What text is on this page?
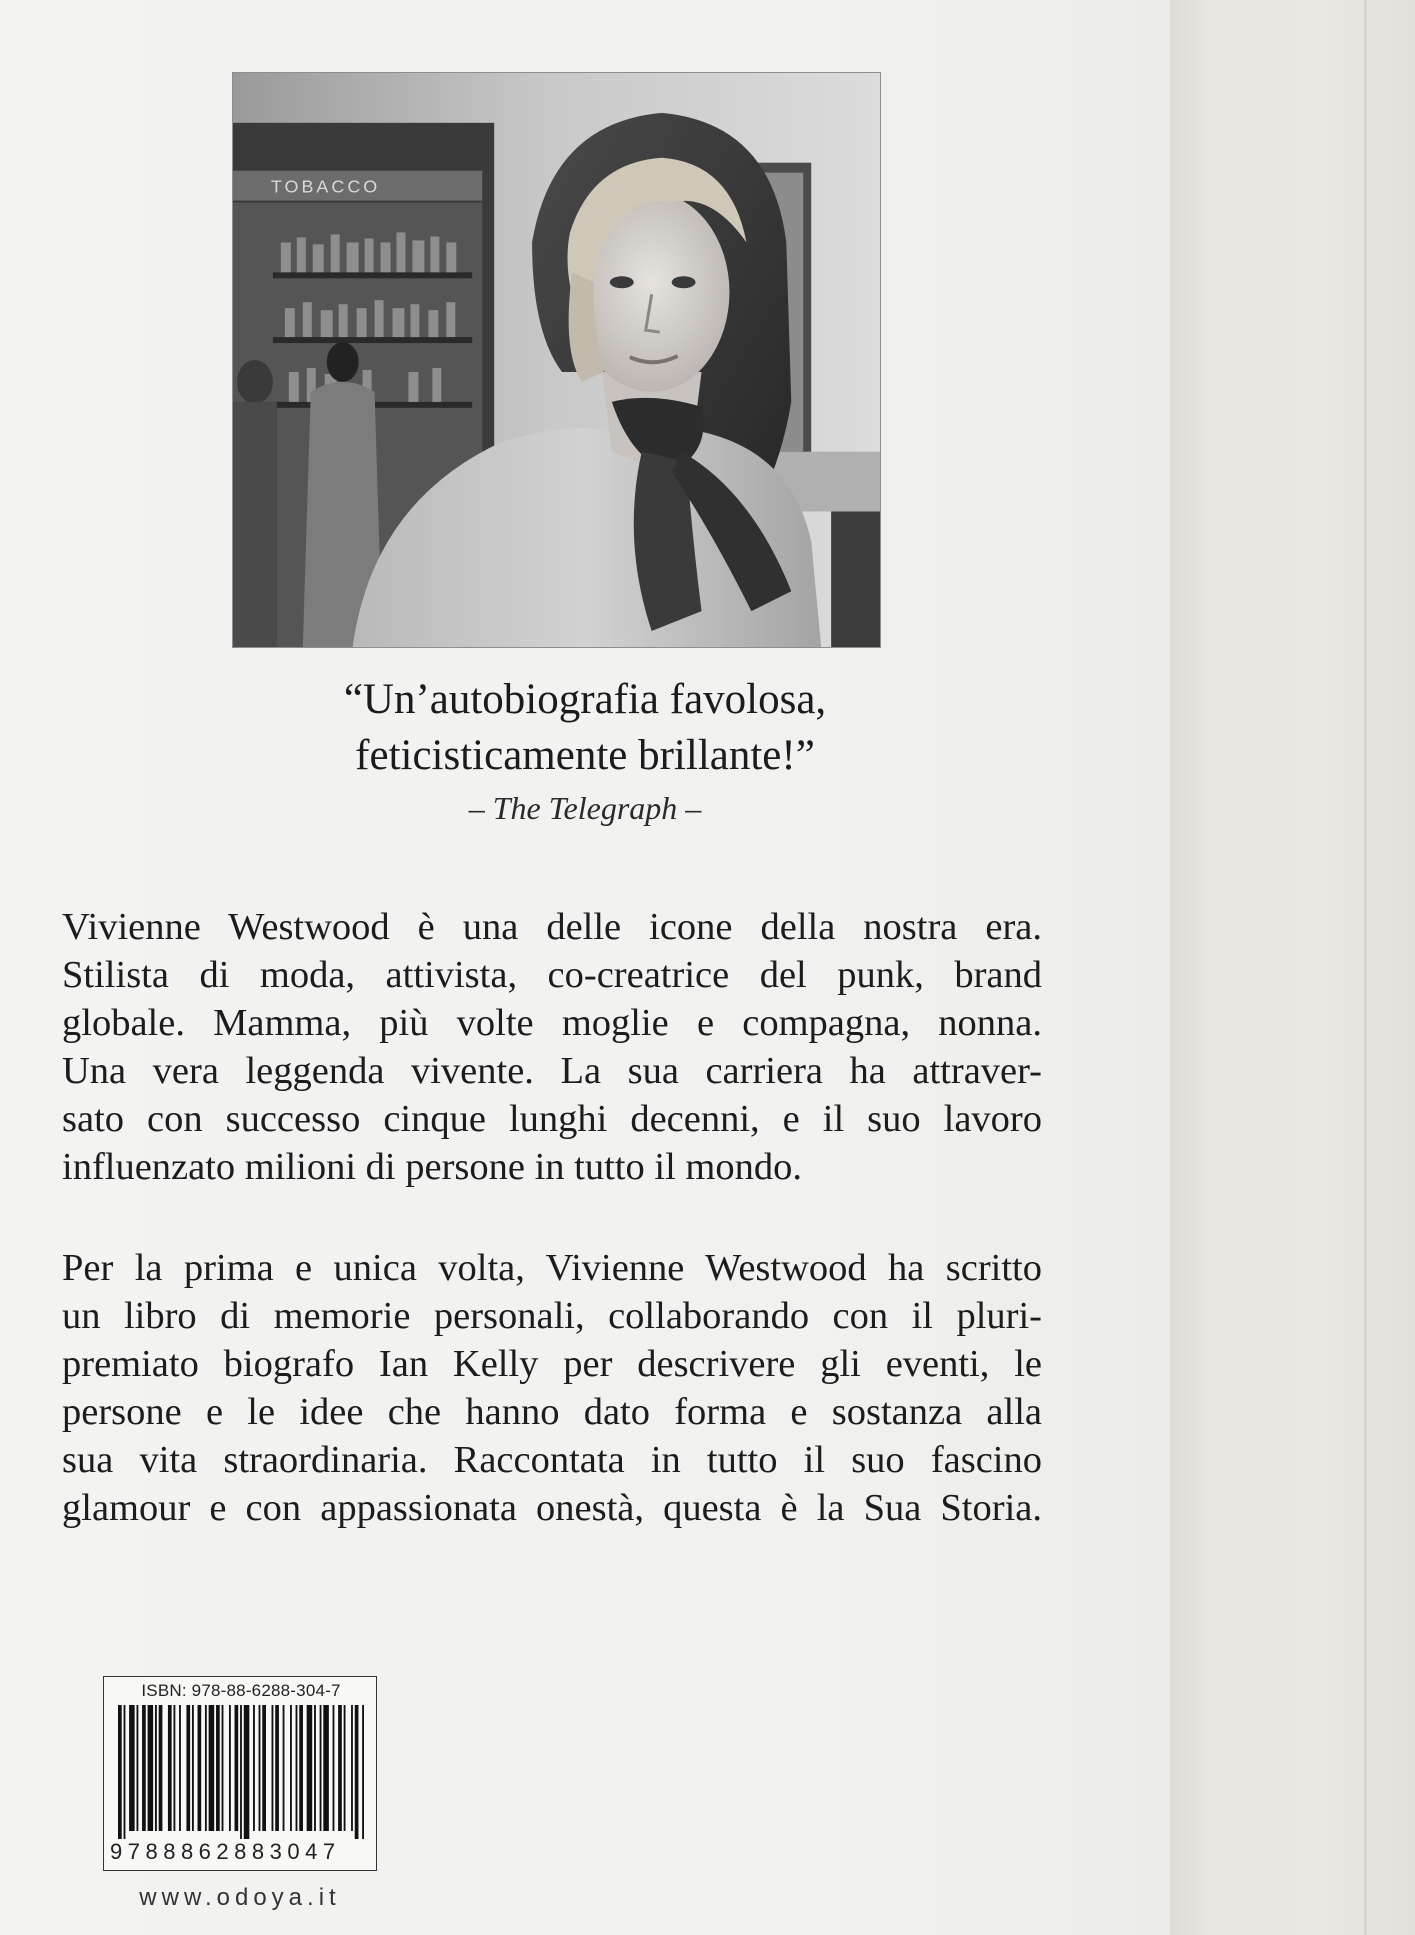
TOBACCO
“Un’autobiografia favolosa,
feticisticamente brillante!”
– The Telegraph –
Vivienne Westwood è una delle icone della nostra era.
Stilista di moda, attivista, co-creatrice del punk, brand
globale. Mamma, più volte moglie e compagna, nonna.
Una vera leggenda vivente. La sua carriera ha attraver-
sato con successo cinque lunghi decenni, e il suo lavoro
influenzato milioni di persone in tutto il mondo.
Per la prima e unica volta, Vivienne Westwood ha scritto
un libro di memorie personali, collaborando con il pluri-
premiato biografo Ian Kelly per descrivere gli eventi, le
persone e le idee che hanno dato forma e sostanza alla
sua vita straordinaria. Raccontata in tutto il suo fascino
glamour e con appassionata onestà, questa è la Sua Storia.
ISBN: 978-88-6288-304-7
9788862883047
www.odoya.it
